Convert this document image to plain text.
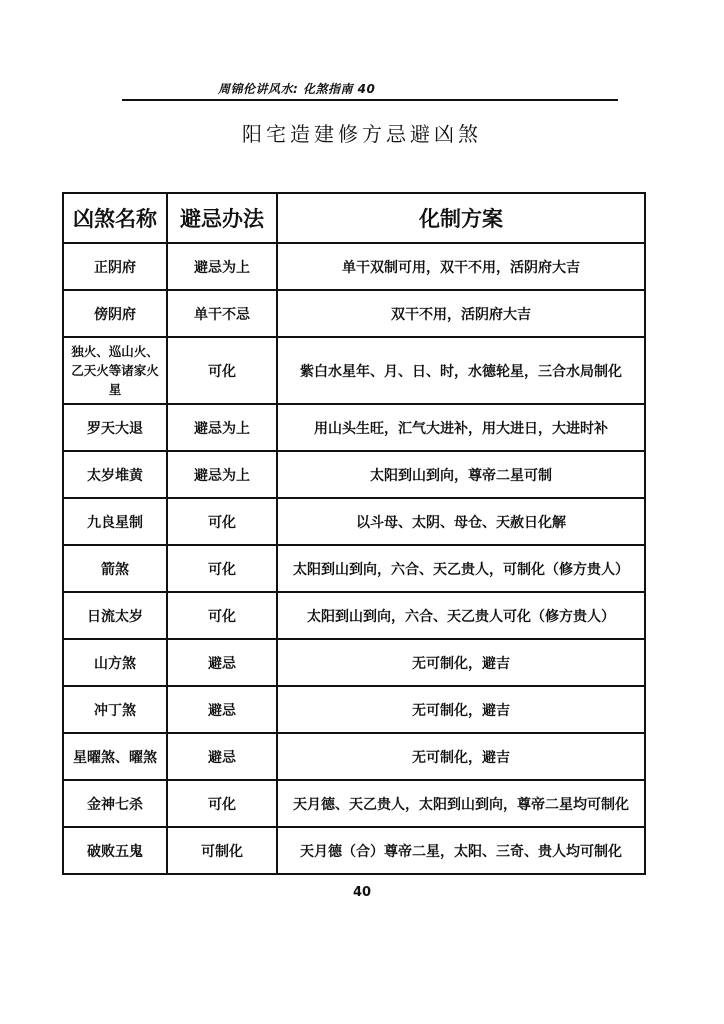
周锦伦讲风水: 化煞指南 40
阳宅造建修方忌避凶煞
凶煞名称	避忌办法	化制方案
正阴府	避忌为上	单干双制可用，双干不用，活阴府大吉
傍阴府	单干不忌	双干不用，活阴府大吉
独火、巡山火、乙天火等诸家火星	可化	紫白水星年、月、日、时，水德轮星，三合水局制化
罗天大退	避忌为上	用山头生旺，汇气大进补，用大进日，大进时补
太岁堆黄	避忌为上	太阳到山到向，尊帝二星可制
九良星制	可化	以斗母、太阴、母仓、天赦日化解
箭煞	可化	太阳到山到向，六合、天乙贵人，可制化（修方贵人）
日流太岁	可化	太阳到山到向，六合、天乙贵人可化（修方贵人）
山方煞	避忌	无可制化，避吉
冲丁煞	避忌	无可制化，避吉
星曜煞、曜煞	避忌	无可制化，避吉
金神七杀	可化	天月德、天乙贵人，太阳到山到向，尊帝二星均可制化
破败五鬼	可制化	天月德（合）尊帝二星，太阳、三奇、贵人均可制化
40
